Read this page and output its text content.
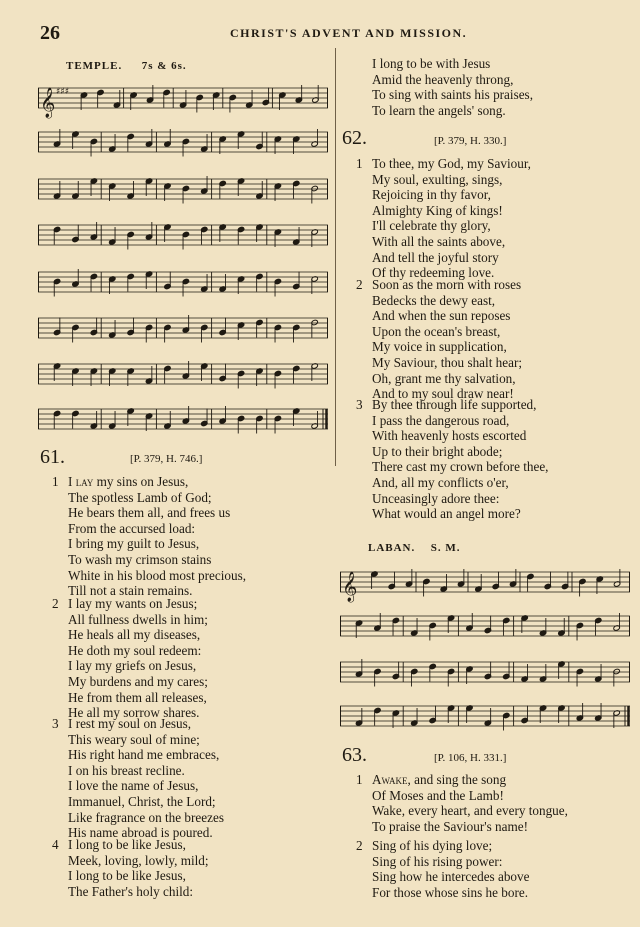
26	CHRIST'S ADVENT AND MISSION.
TEMPLE. 7s & 6s.
𝄞 ♯♯♯
61.	[P. 379, H. 746.]
1 I lay my sins on Jesus,
The spotless Lamb of God;
He bears them all, and frees us
From the accursed load:
I bring my guilt to Jesus,
To wash my crimson stains
White in his blood most precious,
Till not a stain remains.
2 I lay my wants on Jesus;
All fullness dwells in him;
He heals all my diseases,
He doth my soul redeem:
I lay my griefs on Jesus,
My burdens and my cares;
He from them all releases,
He all my sorrow shares.
3 I rest my soul on Jesus,
This weary soul of mine;
His right hand me embraces,
I on his breast recline.
I love the name of Jesus,
Immanuel, Christ, the Lord;
Like fragrance on the breezes
His name abroad is poured.
4 I long to be like Jesus,
Meek, loving, lowly, mild;
I long to be like Jesus,
The Father's holy child:
I long to be with Jesus
Amid the heavenly throng,
To sing with saints his praises,
To learn the angels' song.
62.	[P. 379, H. 330.]
1 To thee, my God, my Saviour,
My soul, exulting, sings,
Rejoicing in thy favor,
Almighty King of kings!
I'll celebrate thy glory,
With all the saints above,
And tell the joyful story
Of thy redeeming love.
2 Soon as the morn with roses
Bedecks the dewy east,
And when the sun reposes
Upon the ocean's breast,
My voice in supplication,
My Saviour, thou shalt hear;
Oh, grant me thy salvation,
And to my soul draw near!
3 By thee through life supported,
I pass the dangerous road,
With heavenly hosts escorted
Up to their bright abode;
There cast my crown before thee,
And, all my conflicts o'er,
Unceasingly adore thee:
What would an angel more?
LABAN. S. M.
𝄞
63.	[P. 106, H. 331.]
1 Awake, and sing the song
Of Moses and the Lamb!
Wake, every heart, and every tongue,
To praise the Saviour's name!
2 Sing of his dying love;
Sing of his rising power:
Sing how he intercedes above
For those whose sins he bore.
